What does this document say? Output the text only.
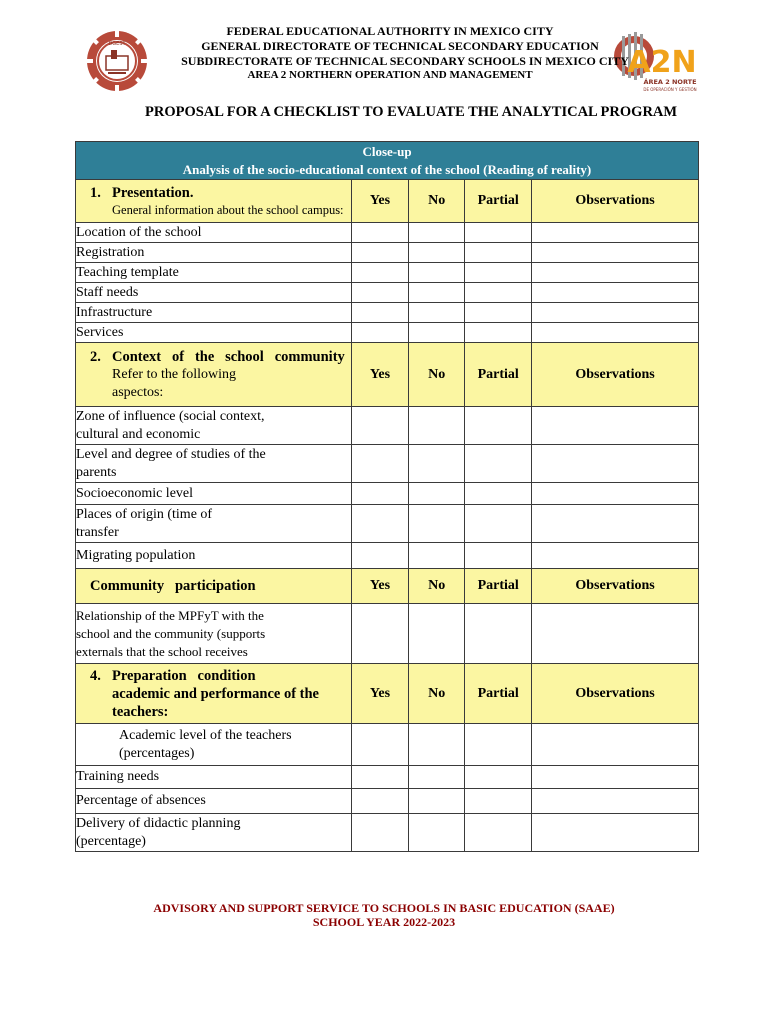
DGEST
A2N
ÁREA 2 NORTE
DE OPERACIÓN Y GESTIÓN
FEDERAL EDUCATIONAL AUTHORITY IN MEXICO CITY
GENERAL DIRECTORATE OF TECHNICAL SECONDARY EDUCATION
SUBDIRECTORATE OF TECHNICAL SECONDARY SCHOOLS IN MEXICO CITY
AREA 2 NORTHERN OPERATION AND MANAGEMENT
PROPOSAL FOR A CHECKLIST TO EVALUATE THE ANALYTICAL PROGRAM
Close-up
Analysis of the socio-educational context of the school (Reading of reality)				

1. Presentation.
General information about the school campus:	Yes	No	Partial	Observations
Location of the school				
Registration				
Teaching template				
Staff needs				
Infrastructure				
Services				

2. Context   of   the   school   community
Refer to the following
aspectos:	Yes	No	Partial	Observations

Zone of influence (social context,
cultural and economic				

Level and degree of studies of the
parents				

Socioeconomic level				

Places of origin (time of
transfer				

Migrating population				

Community   participation	Yes	No	Partial	Observations

Relationship of the MPFyT with the
school and the community (supports
externals that the school receives				

4. Preparation   condition
academic and performance of the
teachers:	Yes	No	Partial	Observations

Academic level of the teachers
(percentages)				

Training needs				

Percentage of absences				

Delivery of didactic planning
(percentage)				

ADVISORY AND SUPPORT SERVICE TO SCHOOLS IN BASIC EDUCATION (SAAE)
SCHOOL YEAR 2022-2023
